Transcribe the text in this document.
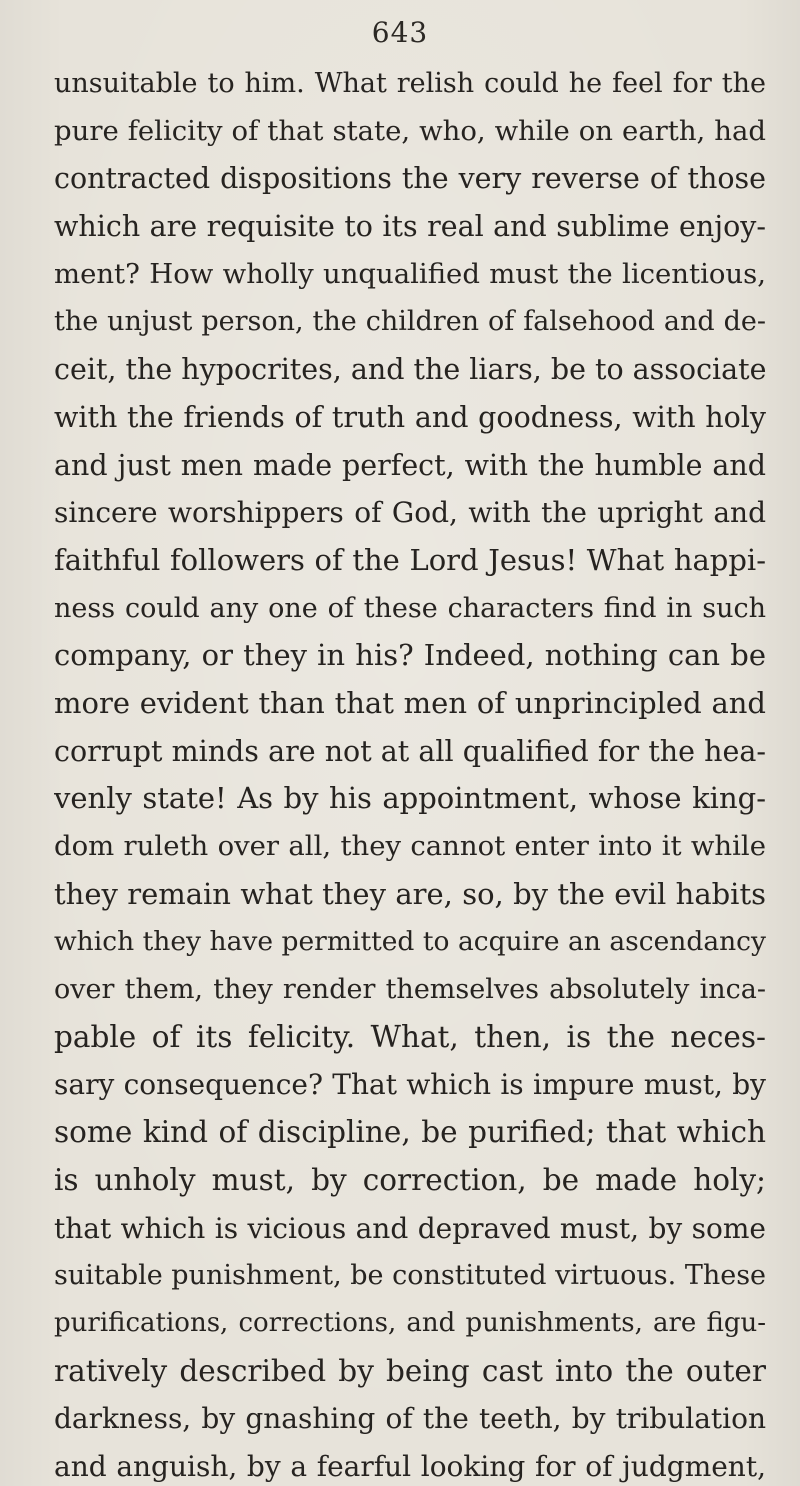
643
unsuitable to him. What relish could he feel for the
pure felicity of that state, who, while on earth, had
contracted dispositions the very reverse of those
which are requisite to its real and sublime enjoy-
ment? How wholly unqualified must the licentious,
the unjust person, the children of falsehood and de-
ceit, the hypocrites, and the liars, be to associate
with the friends of truth and goodness, with holy
and just men made perfect, with the humble and
sincere worshippers of God, with the upright and
faithful followers of the Lord Jesus! What happi-
ness could any one of these characters find in such
company, or they in his? Indeed, nothing can be
more evident than that men of unprincipled and
corrupt minds are not at all qualified for the hea-
venly state! As by his appointment, whose king-
dom ruleth over all, they cannot enter into it while
they remain what they are, so, by the evil habits
which they have permitted to acquire an ascendancy
over them, they render themselves absolutely inca-
pable of its felicity. What, then, is the neces-
sary consequence? That which is impure must, by
some kind of discipline, be purified; that which
is unholy must, by correction, be made holy;
that which is vicious and depraved must, by some
suitable punishment, be constituted virtuous. These
purifications, corrections, and punishments, are figu-
ratively described by being cast into the outer
darkness, by gnashing of the teeth, by tribulation
and anguish, by a fearful looking for of judgment,
